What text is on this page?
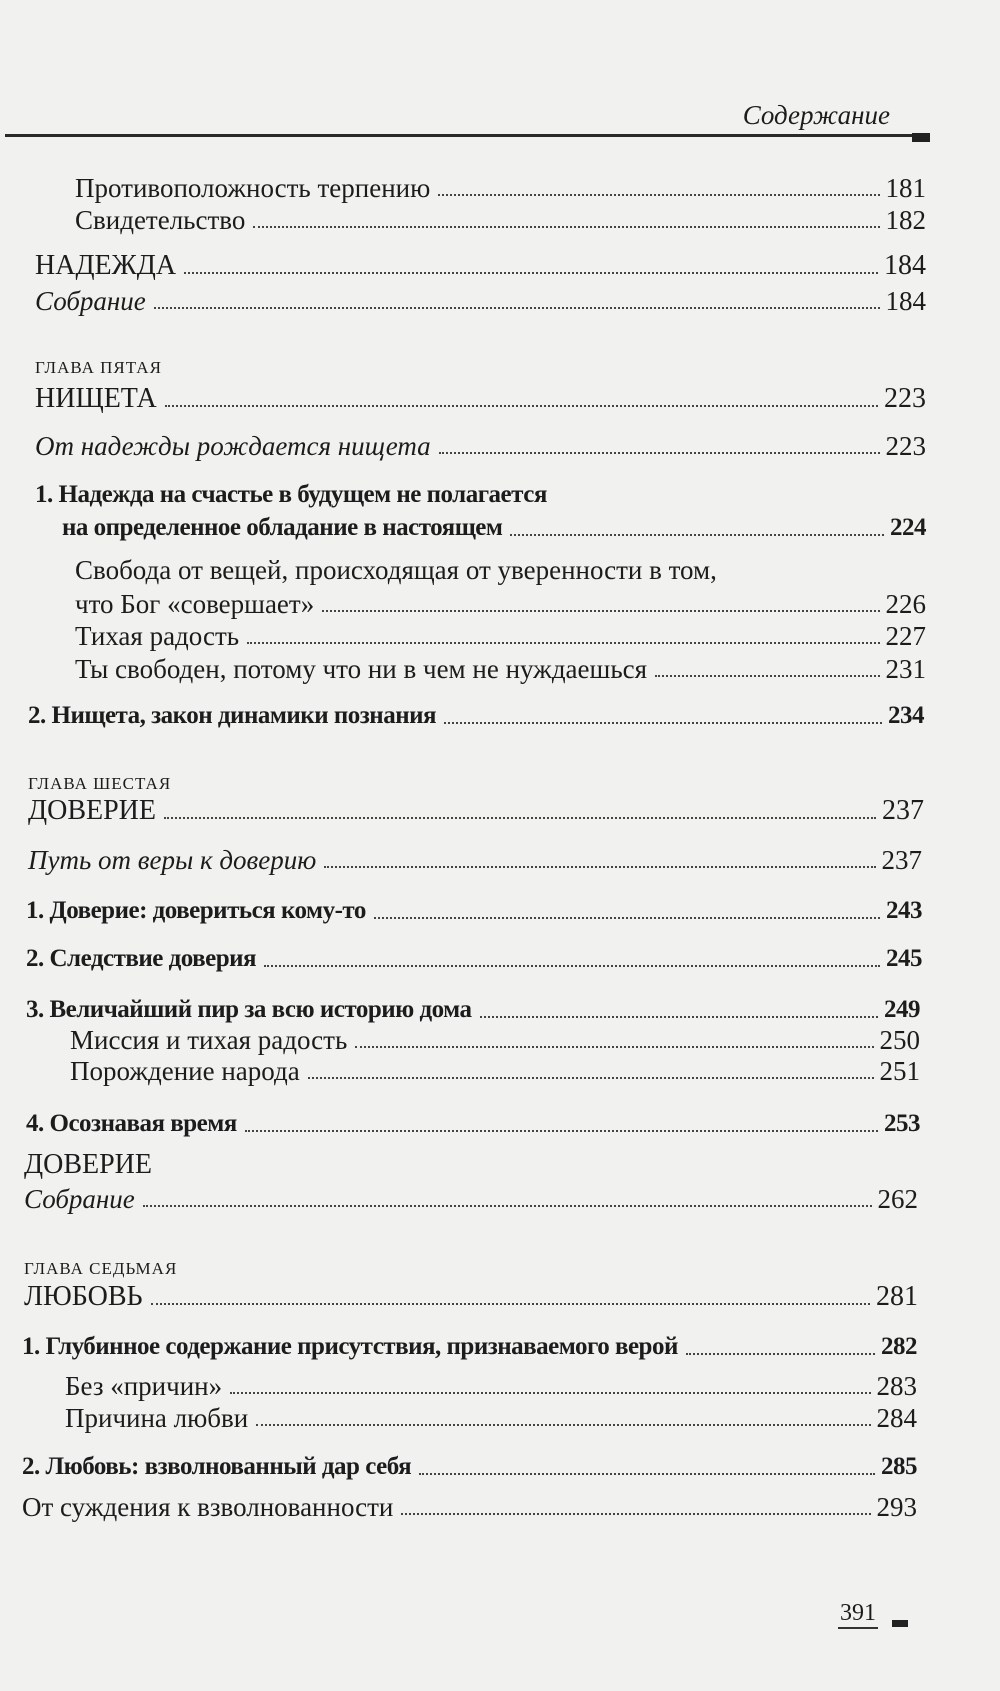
Содержание
Противоположность терпению	181
Свидетельство	182
НАДЕЖДА	184
Собрание	184
ГЛАВА ПЯТАЯ
НИЩЕТА	223
От надежды рождается нищета	223
1. Надежда на счастье в будущем не полагается
на определенное обладание в настоящем	224
Свобода от вещей, происходящая от уверенности в том,
что Бог «совершает»	226
Тихая радость	227
Ты свободен, потому что ни в чем не нуждаешься	231
2. Нищета, закон динамики познания	234
ГЛАВА ШЕСТАЯ
ДОВЕРИЕ	237
Путь от веры к доверию	237
1. Доверие: довериться кому-то	243
2. Следствие доверия	245
3. Величайший пир за всю историю дома	249
Миссия и тихая радость	250
Порождение народа	251
4. Осознавая время	253
ДОВЕРИЕ
Собрание	262
ГЛАВА СЕДЬМАЯ
ЛЮБОВЬ	281
1. Глубинное содержание присутствия, признаваемого верой	282
Без «причин»	283
Причина любви	284
2. Любовь: взволнованный дар себя	285
От суждения к взволнованности	293
391
